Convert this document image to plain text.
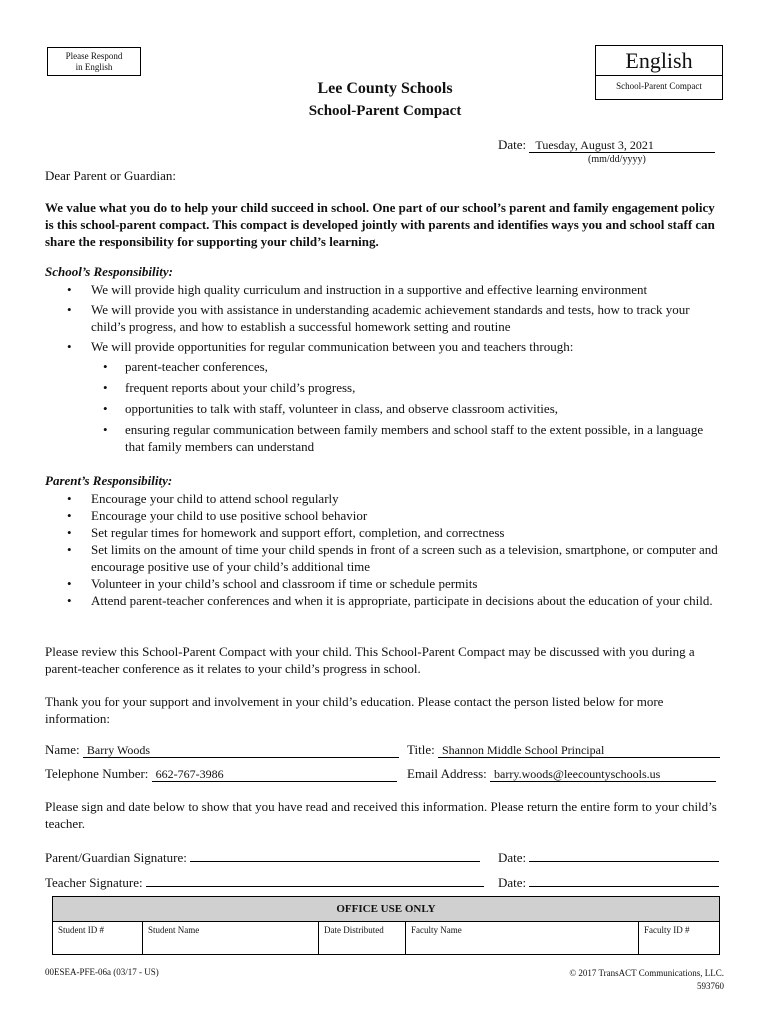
Please Respond
in English	English
School-Parent Compact
Lee County Schools
School-Parent Compact
Date: Tuesday, August 3, 2021
(mm/dd/yyyy)
Dear Parent or Guardian:
We value what you do to help your child succeed in school. One part of our school’s parent and family engagement policy is this school-parent compact. This compact is developed jointly with parents and identifies ways you and school staff can share the responsibility for supporting your child’s learning.
School’s Responsibility:
• We will provide high quality curriculum and instruction in a supportive and effective learning environment
• We will provide you with assistance in understanding academic achievement standards and tests, how to track your child’s progress, and how to establish a successful homework setting and routine
• We will provide opportunities for regular communication between you and teachers through:
• parent-teacher conferences,
• frequent reports about your child’s progress,
• opportunities to talk with staff, volunteer in class, and observe classroom activities,
• ensuring regular communication between family members and school staff to the extent possible, in a language that family members can understand
Parent’s Responsibility:
• Encourage your child to attend school regularly
• Encourage your child to use positive school behavior
• Set regular times for homework and support effort, completion, and correctness
• Set limits on the amount of time your child spends in front of a screen such as a television, smartphone, or computer and encourage positive use of your child’s additional time
• Volunteer in your child’s school and classroom if time or schedule permits
• Attend parent-teacher conferences and when it is appropriate, participate in decisions about the education of your child.
Please review this School-Parent Compact with your child. This School-Parent Compact may be discussed with you during a parent-teacher conference as it relates to your child’s progress in school.
Thank you for your support and involvement in your child’s education. Please contact the person listed below for more information:
Name: Barry Woods	Title: Shannon Middle School Principal
Telephone Number: 662-767-3986	Email Address: barry.woods@leecountyschools.us
Please sign and date below to show that you have read and received this information. Please return the entire form to your child’s teacher.
Parent/Guardian Signature:	Date:
Teacher Signature:	Date:
OFFICE USE ONLY
Student ID #	Student Name	Date Distributed	Faculty Name	Faculty ID #
00ESEA-PFE-06a (03/17 - US)	© 2017 TransACT Communications, LLC.
593760
